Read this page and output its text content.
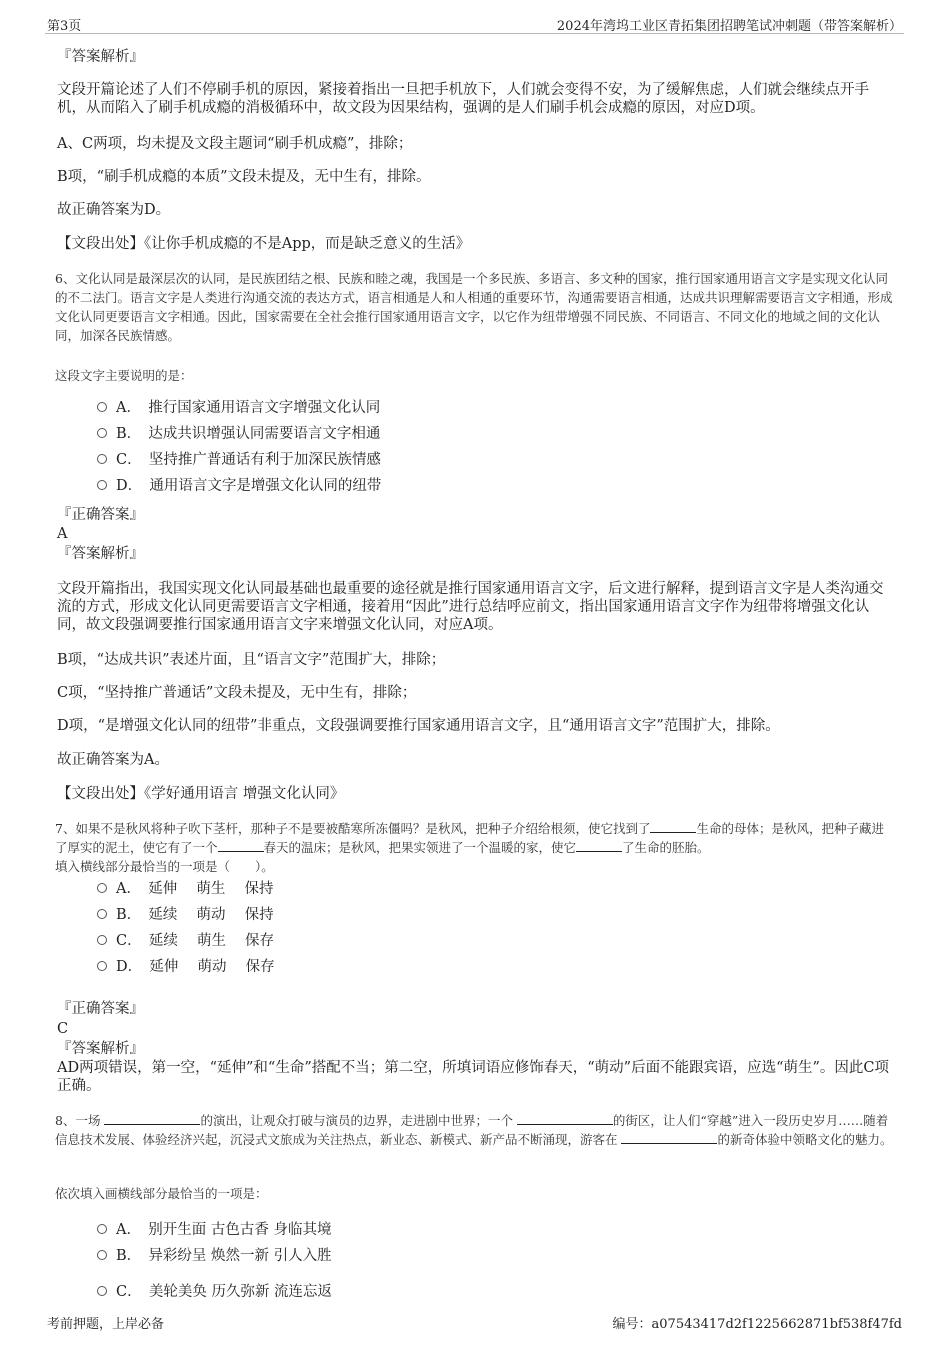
第3页	2024年湾坞工业区青拓集团招聘笔试冲刺题（带答案解析）
『答案解析』
文段开篇论述了人们不停刷手机的原因，紧接着指出一旦把手机放下，人们就会变得不安，为了缓解焦虑，人们就会继续点开手机，从而陷入了刷手机成瘾的消极循环中，故文段为因果结构，强调的是人们刷手机会成瘾的原因，对应D项。
A、C两项，均未提及文段主题词“刷手机成瘾”，排除；
B项，“刷手机成瘾的本质”文段未提及，无中生有，排除。
故正确答案为D。
【文段出处】《让你手机成瘾的不是App，而是缺乏意义的生活》
6、文化认同是最深层次的认同，是民族团结之根、民族和睦之魂，我国是一个多民族、多语言、多文种的国家，推行国家通用语言文字是实现文化认同的不二法门。语言文字是人类进行沟通交流的表达方式，语言相通是人和人相通的重要环节，沟通需要语言相通，达成共识理解需要语言文字相通，形成文化认同更要语言文字相通。因此，国家需要在全社会推行国家通用语言文字，以它作为纽带增强不同民族、不同语言、不同文化的地域之间的文化认同，加深各民族情感。
这段文字主要说明的是：
A．　推行国家通用语言文字增强文化认同
B．　达成共识增强认同需要语言文字相通
C．　坚持推广普通话有利于加深民族情感
D．　通用语言文字是增强文化认同的纽带
『正确答案』
A
『答案解析』
文段开篇指出，我国实现文化认同最基础也最重要的途径就是推行国家通用语言文字，后文进行解释，提到语言文字是人类沟通交流的方式，形成文化认同更需要语言文字相通，接着用“因此”进行总结呼应前文，指出国家通用语言文字作为纽带将增强文化认同，故文段强调要推行国家通用语言文字来增强文化认同，对应A项。
B项，“达成共识”表述片面，且“语言文字”范围扩大，排除；
C项，“坚持推广普通话”文段未提及，无中生有，排除；
D项，“是增强文化认同的纽带”非重点，文段强调要推行国家通用语言文字，且“通用语言文字”范围扩大，排除。
故正确答案为A。
【文段出处】《学好通用语言 增强文化认同》
7、如果不是秋风将种子吹下茎杆，那种子不是要被酷寒所冻僵吗？是秋风，把种子介绍给根须，使它找到了	生命的母体；是秋风，把种子藏进了厚实的泥土，使它有了一个	春天的温床；是秋风，把果实领进了一个温暖的家，使它	了生命的胚胎。
填入横线部分最恰当的一项是（　　）。
A．　延伸　 萌生　 保持
B．　延续　 萌动　 保持
C．　延续　 萌生　 保存
D．　延伸　 萌动　 保存
『正确答案』
C
『答案解析』
AD两项错误，第一空，“延伸”和“生命”搭配不当；第二空，所填词语应修饰春天，“萌动”后面不能跟宾语，应选“萌生”。因此C项正确。
8、一场	的演出，让观众打破与演员的边界，走进剧中世界；一个	的街区，让人们“穿越”进入一段历史岁月……随着信息技术发展、体验经济兴起，沉浸式文旅成为关注热点，新业态、新模式、新产品不断涌现，游客在	的新奇体验中领略文化的魅力。
依次填入画横线部分最恰当的一项是：
A．　别开生面 古色古香 身临其境
B．　异彩纷呈 焕然一新 引人入胜
C．　美轮美奂 历久弥新 流连忘返
考前押题，上岸必备	编号：a07543417d2f1225662871bf538f47fd
